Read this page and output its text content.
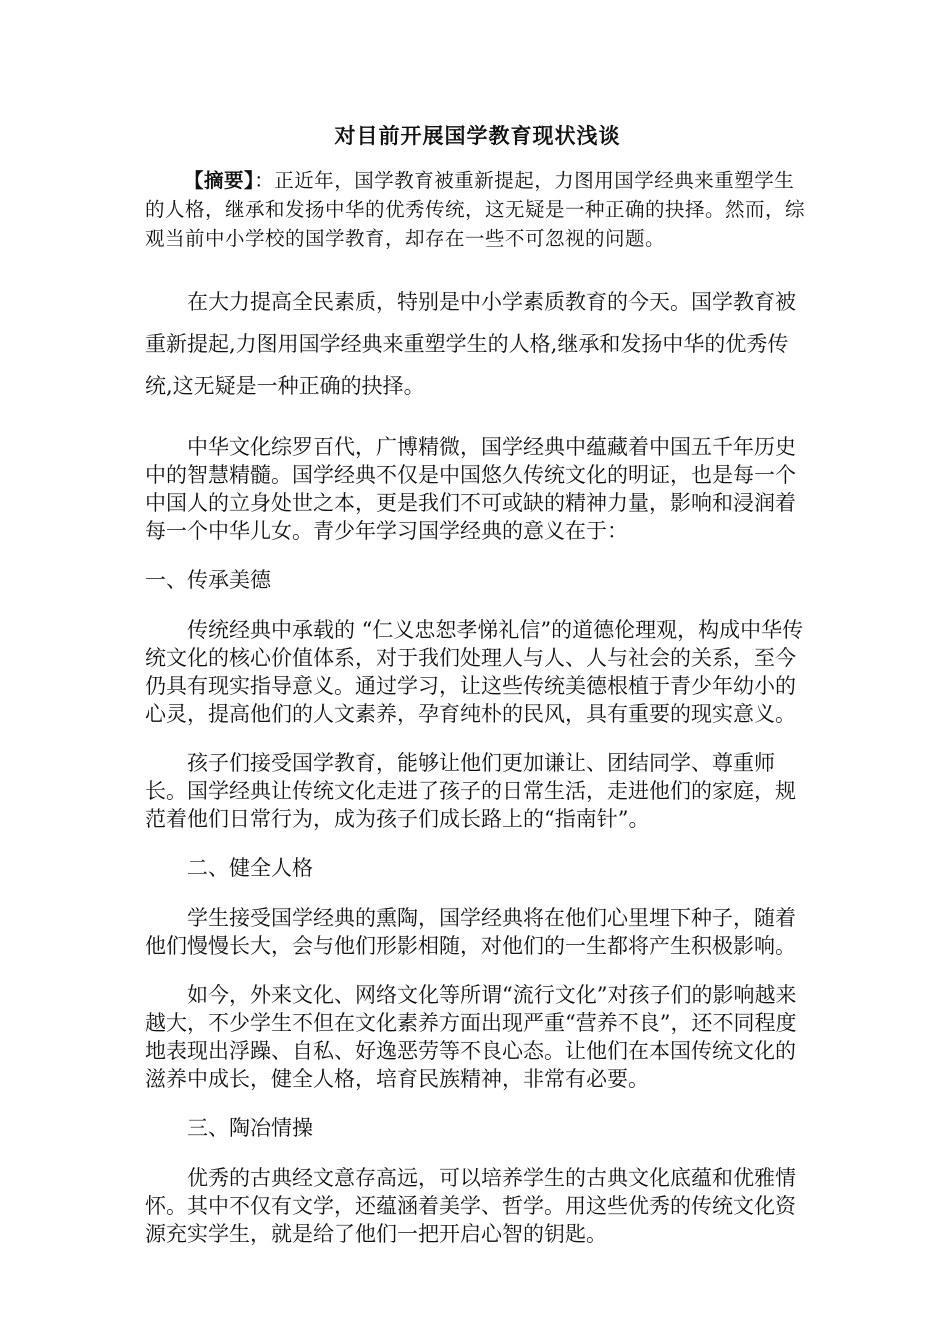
对目前开展国学教育现状浅谈

【摘要】：正近年，国学教育被重新提起，力图用国学经典来重塑学生的人格，继承和发扬中华的优秀传统，这无疑是一种正确的抉择。然而，综观当前中小学校的国学教育，却存在一些不可忽视的问题。

在大力提高全民素质，特别是中小学素质教育的今天。国学教育被重新提起,力图用国学经典来重塑学生的人格,继承和发扬中华的优秀传统,这无疑是一种正确的抉择。

中华文化综罗百代，广博精微，国学经典中蕴藏着中国五千年历史中的智慧精髓。国学经典不仅是中国悠久传统文化的明证，也是每一个中国人的立身处世之本，更是我们不可或缺的精神力量，影响和浸润着每一个中华儿女。青少年学习国学经典的意义在于：

一、传承美德

传统经典中承载的 “仁义忠恕孝悌礼信”的道德伦理观，构成中华传统文化的核心价值体系，对于我们处理人与人、人与社会的关系，至今仍具有现实指导意义。通过学习，让这些传统美德根植于青少年幼小的心灵，提高他们的人文素养，孕育纯朴的民风，具有重要的现实意义。

孩子们接受国学教育，能够让他们更加谦让、团结同学、尊重师长。国学经典让传统文化走进了孩子的日常生活，走进他们的家庭，规范着他们日常行为，成为孩子们成长路上的“指南针”。

二、健全人格

学生接受国学经典的熏陶，国学经典将在他们心里埋下种子，随着他们慢慢长大，会与他们形影相随，对他们的一生都将产生积极影响。

如今，外来文化、网络文化等所谓“流行文化”对孩子们的影响越来越大，不少学生不但在文化素养方面出现严重“营养不良”，还不同程度地表现出浮躁、自私、好逸恶劳等不良心态。让他们在本国传统文化的滋养中成长，健全人格，培育民族精神，非常有必要。

三、陶冶情操

优秀的古典经文意存高远，可以培养学生的古典文化底蕴和优雅情怀。其中不仅有文学，还蕴涵着美学、哲学。用这些优秀的传统文化资源充实学生，就是给了他们一把开启心智的钥匙。
